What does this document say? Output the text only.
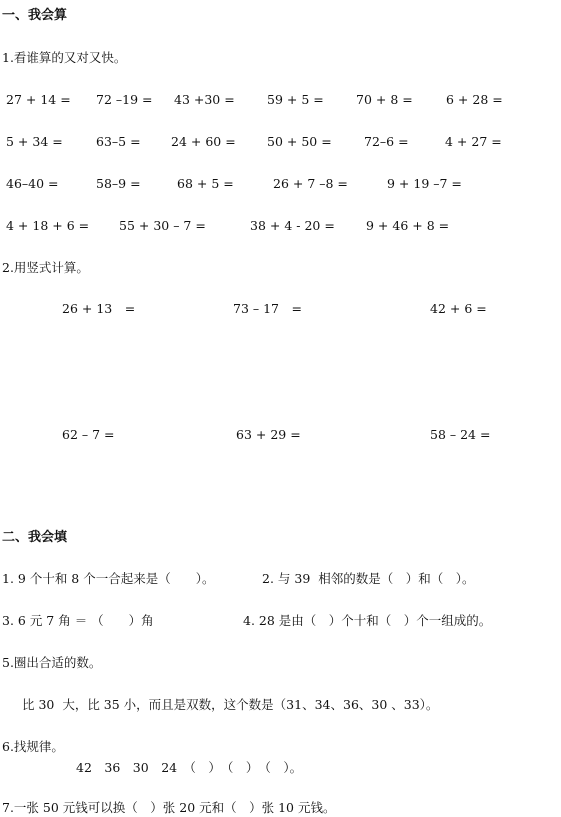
一、我会算
1.看谁算的又对又快。
27 + 14 = 72 –19 = 43 +30 =	59 + 5 =	70 + 8 =	6 + 28 =
5 + 34 =	63–5 = 24 + 60 =	50 + 50 =	72–6 =	4 + 27 =
46–40 =	58–9 =	68 + 5 =	26 + 7 –8 =	9 + 19 –7 =
4 + 18 + 6 = 55 + 30 – 7 =	38 + 4 - 20 = 9 + 46 + 8 =
2.用竖式计算。
26 + 13　=	73 – 17　=	42 + 6 =
62 – 7 =	63 + 29 =	58 – 24 =
二、我会填
1. 9 个十和 8 个一合起来是（　　）。	2. 与 39  相邻的数是（　）和（　）。
3. 6 元 7 角 ＝ （　　）角	4. 28 是由（　）个十和（　）个一组成的。
5.圈出合适的数。
比 30  大，比 35 小，而且是双数，这个数是（31、34、36、30 、33）。
6.找规律。
42　36　30　24　（　）　（　）　（　）。
7.一张 50 元钱可以换（　）张 20 元和（　）张 10 元钱。
